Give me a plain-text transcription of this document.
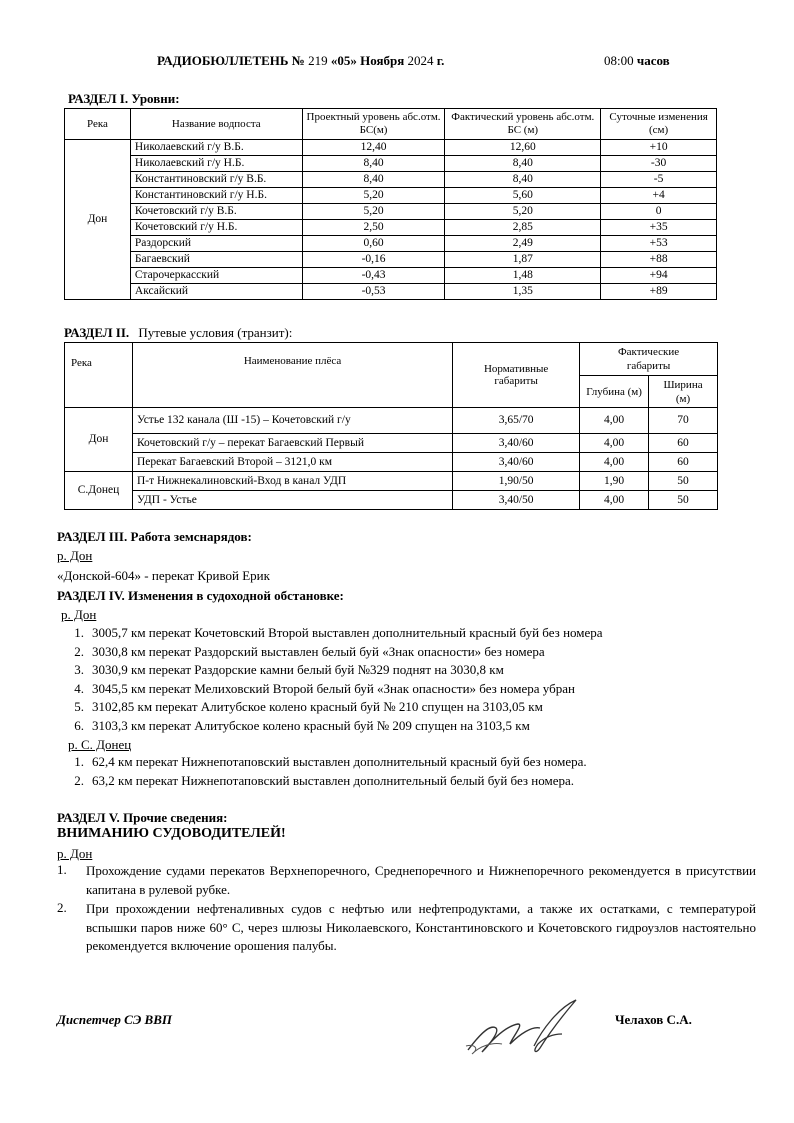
РАДИОБЮЛЛЕТЕНЬ № 219 «05» Ноября 2024 г.	08:00 часов
РАЗДЕЛ I. Уровни:
Река	Название водпоста	Проектный уровень абс.отм. БС(м)	Фактический уровень абс.отм. БС (м)	Суточные изменения (см)
Дон	Николаевский г/у В.Б.	12,40	12,60	+10
	Николаевский г/у Н.Б.	8,40	8,40	-30
	Константиновский г/у В.Б.	8,40	8,40	-5
	Константиновский г/у Н.Б.	5,20	5,60	+4
	Кочетовский г/у В.Б.	5,20	5,20	0
	Кочетовский г/у Н.Б.	2,50	2,85	+35
	Раздорский	0,60	2,49	+53
	Багаевский	-0,16	1,87	+88
	Старочеркасский	-0,43	1,48	+94
	Аксайский	-0,53	1,35	+89
РАЗДЕЛ II. Путевые условия (транзит):
Река	Наименование плёса	Нормативные габариты	Фактические габариты	
			Глубина (м)	Ширина (м)
Дон	Устье 132 канала (Ш -15) – Кочетовский г/у	3,65/70	4,00	70
	Кочетовский г/у – перекат Багаевский Первый	3,40/60	4,00	60
	Перекат Багаевский Второй – 3121,0 км	3,40/60	4,00	60
С.Донец	П-т Нижнекалиновский-Вход в канал УДП	1,90/50	1,90	50
	УДП - Устье	3,40/50	4,00	50
РАЗДЕЛ III. Работа земснарядов:
р. Дон
«Донской-604» - перекат Кривой Ерик
РАЗДЕЛ IV. Изменения в судоходной обстановке:
р. Дон
1. 3005,7 км перекат Кочетовский Второй выставлен дополнительный красный буй без номера
2. 3030,8 км перекат Раздорский выставлен белый буй «Знак опасности» без номера
3. 3030,9 км перекат Раздорские камни белый буй №329 поднят на 3030,8 км
4. 3045,5 км перекат Мелиховский Второй белый буй «Знак опасности» без номера убран
5. 3102,85 км перекат Алитубское колено красный буй № 210 спущен на 3103,05 км
6. 3103,3 км перекат Алитубское колено красный буй № 209 спущен на 3103,5 км
р. С. Донец
1. 62,4 км перекат Нижнепотаповский выставлен дополнительный красный буй без номера.
2. 63,2 км перекат Нижнепотаповский выставлен дополнительный белый буй без номера.
РАЗДЕЛ V. Прочие сведения:
ВНИМАНИЮ СУДОВОДИТЕЛЕЙ!
р. Дон
1. Прохождение судами перекатов Верхнепоречного, Среднепоречного и Нижнепоречного рекомендуется в присутствии капитана в рулевой рубке.
2. При прохождении нефтеналивных судов с нефтью или нефтепродуктами, а также их остатками, с температурой вспышки паров ниже 60° С, через шлюзы Николаевского, Константиновского и Кочетовского гидроузлов настоятельно рекомендуется включение орошения палубы.
Диспетчер СЭ ВВП	Челахов С.А.
